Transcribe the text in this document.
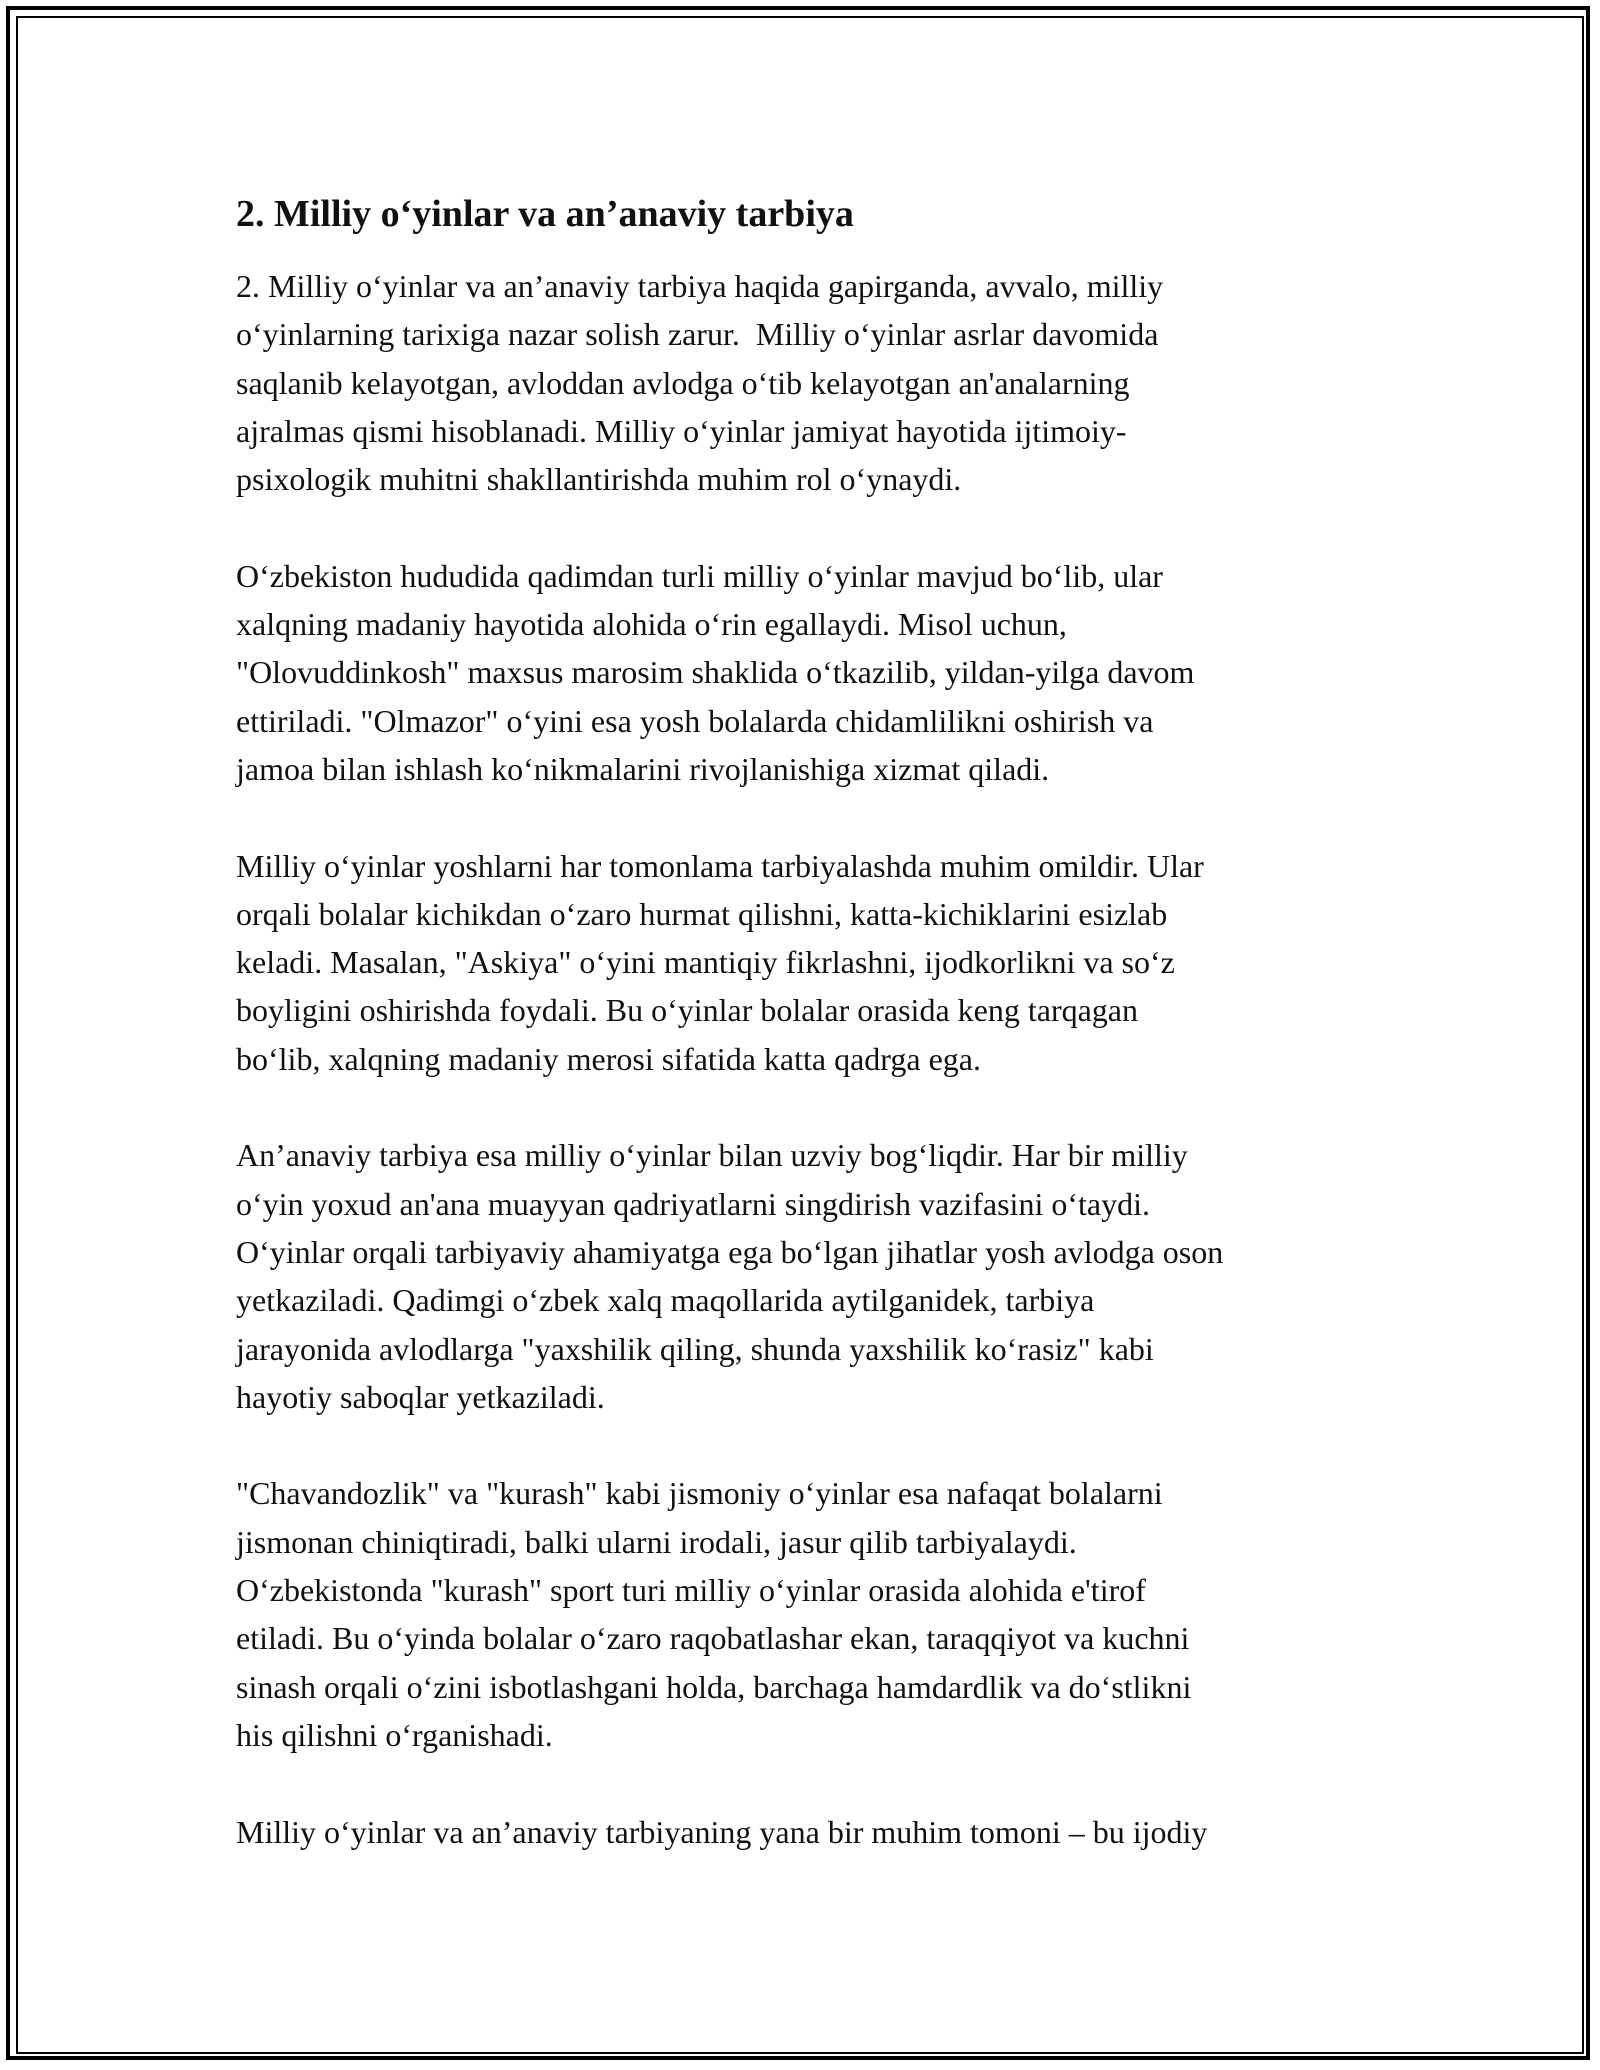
2. Milliy o‘yinlar va an’anaviy tarbiya

2. Milliy o‘yinlar va an’anaviy tarbiya haqida gapirganda, avvalo, milliy
o‘yinlarning tarixiga nazar solish zarur.  Milliy o‘yinlar asrlar davomida
saqlanib kelayotgan, avloddan avlodga o‘tib kelayotgan an'analarning
ajralmas qismi hisoblanadi. Milliy o‘yinlar jamiyat hayotida ijtimoiy-
psixologik muhitni shakllantirishda muhim rol o‘ynaydi.

O‘zbekiston hududida qadimdan turli milliy o‘yinlar mavjud bo‘lib, ular
xalqning madaniy hayotida alohida o‘rin egallaydi. Misol uchun,
"Olovuddinkosh" maxsus marosim shaklida o‘tkazilib, yildan-yilga davom
ettiriladi. "Olmazor" o‘yini esa yosh bolalarda chidamlilikni oshirish va
jamoa bilan ishlash ko‘nikmalarini rivojlanishiga xizmat qiladi.

Milliy o‘yinlar yoshlarni har tomonlama tarbiyalashda muhim omildir. Ular
orqali bolalar kichikdan o‘zaro hurmat qilishni, katta-kichiklarini esizlab
keladi. Masalan, "Askiya" o‘yini mantiqiy fikrlashni, ijodkorlikni va so‘z
boyligini oshirishda foydali. Bu o‘yinlar bolalar orasida keng tarqagan
bo‘lib, xalqning madaniy merosi sifatida katta qadrga ega.

An’anaviy tarbiya esa milliy o‘yinlar bilan uzviy bog‘liqdir. Har bir milliy
o‘yin yoxud an'ana muayyan qadriyatlarni singdirish vazifasini o‘taydi.
O‘yinlar orqali tarbiyaviy ahamiyatga ega bo‘lgan jihatlar yosh avlodga oson
yetkaziladi. Qadimgi o‘zbek xalq maqollarida aytilganidek, tarbiya
jarayonida avlodlarga "yaxshilik qiling, shunda yaxshilik ko‘rasiz" kabi
hayotiy saboqlar yetkaziladi.

"Chavandozlik" va "kurash" kabi jismoniy o‘yinlar esa nafaqat bolalarni
jismonan chiniqtiradi, balki ularni irodali, jasur qilib tarbiyalaydi.
O‘zbekistonda "kurash" sport turi milliy o‘yinlar orasida alohida e'tirof
etiladi. Bu o‘yinda bolalar o‘zaro raqobatlashar ekan, taraqqiyot va kuchni
sinash orqali o‘zini isbotlashgani holda, barchaga hamdardlik va do‘stlikni
his qilishni o‘rganishadi.

Milliy o‘yinlar va an’anaviy tarbiyaning yana bir muhim tomoni – bu ijodiy
